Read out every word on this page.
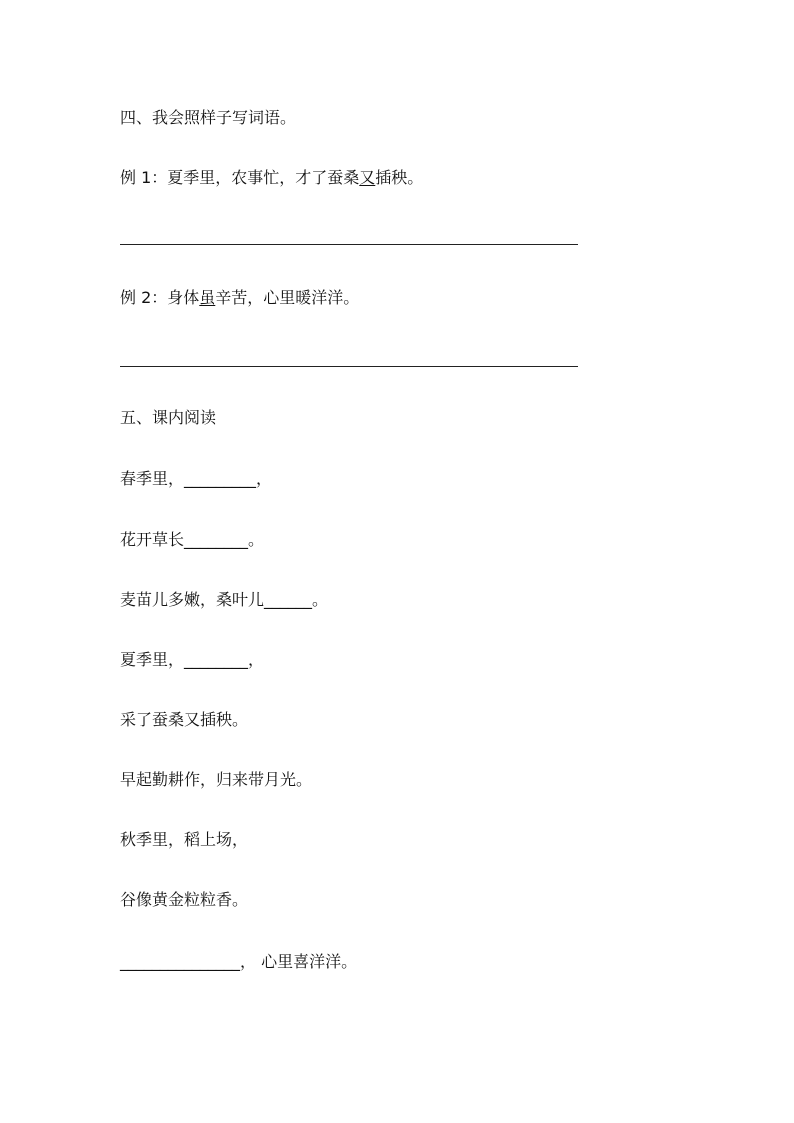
四、我会照样子写词语。

例 1：夏季里，农事忙，才了蚕桑又插秧。

例 2：身体虽辛苦，心里暖洋洋。

五、课内阅读

春季里，_________，

花开草长________。

麦苗儿多嫩，桑叶儿______。

夏季里，________，

采了蚕桑又插秧。

早起勤耕作，归来带月光。

秋季里，稻上场，

谷像黄金粒粒香。

_______________， 心里喜洋洋。
